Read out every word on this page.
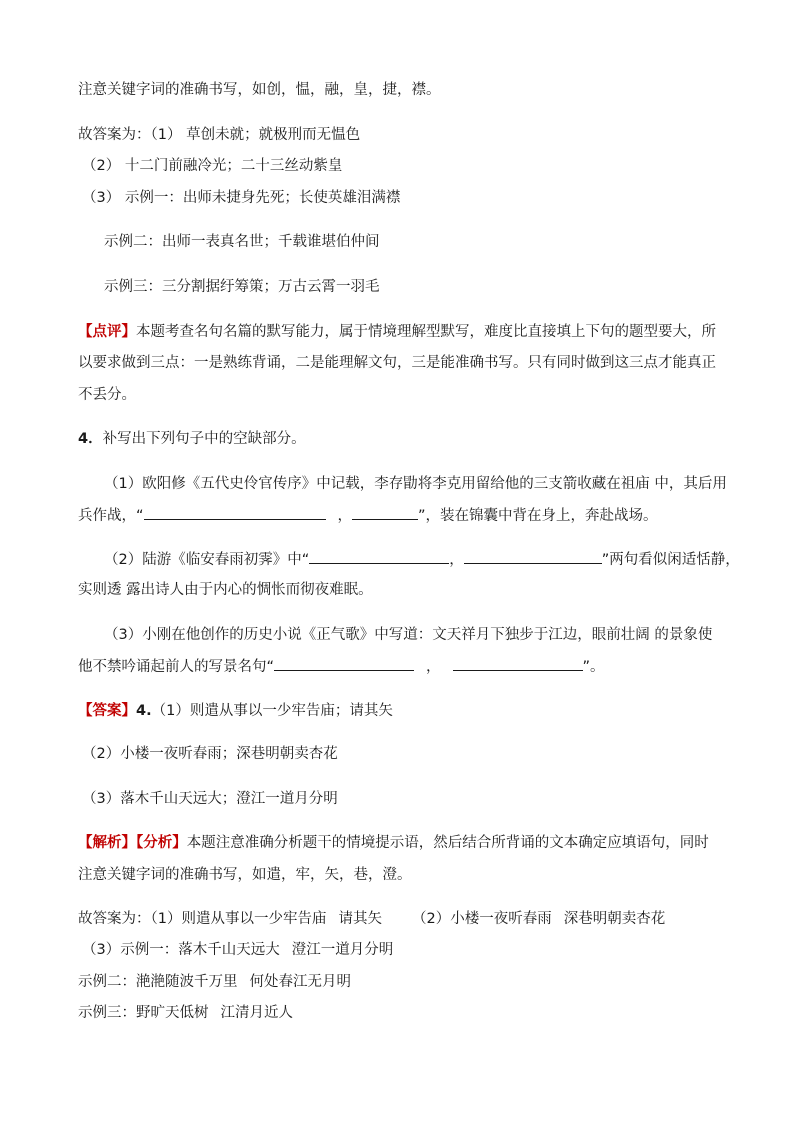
注意关键字词的准确书写，如创，愠，融，皇，捷，襟。
故答案为：（1） 草创未就；就极刑而无愠色
（2） 十二门前融冷光；二十三丝动紫皇
（3） 示例一：出师未捷身先死；长使英雄泪满襟
示例二：出师一表真名世；千载谁堪伯仲间
示例三：三分割据纡筹策；万古云霄一羽毛
【点评】本题考查名句名篇的默写能力，属于情境理解型默写，难度比直接填上下句的题型要大，所
以要求做到三点：一是熟练背诵，二是能理解文句，三是能准确书写。只有同时做到这三点才能真正
不丢分。
4．补写出下列句子中的空缺部分。
（1）欧阳修《五代史伶官传序》中记载，李存勖将李克用留给他的三支箭收藏在祖庙 中，其后用
兵作战，“	，	”，装在锦囊中背在身上，奔赴战场。
（2）陆游《临安春雨初霁》中“	，	”两句看似闲适恬静，
实则透 露出诗人由于内心的惆怅而彻夜难眠。
（3）小刚在他创作的历史小说《正气歌》中写道：文天祥月下独步于江边，眼前壮阔 的景象使
他不禁吟诵起前人的写景名句“	，	”。
【答案】4.（1）则遣从事以一少牢告庙；请其矢
（2）小楼一夜听春雨；深巷明朝卖杏花
（3）落木千山天远大；澄江一道月分明
【解析】【分析】本题注意准确分析题干的情境提示语，然后结合所背诵的文本确定应填语句，同时
注意关键字词的准确书写，如遣，牢，矢，巷，澄。
故答案为：（1）则遣从事以一少牢告庙 请其矢 （2）小楼一夜听春雨 深巷明朝卖杏花
（3）示例一：落木千山天远大 澄江一道月分明
示例二：滟滟随波千万里 何处春江无月明
示例三：野旷天低树 江清月近人
